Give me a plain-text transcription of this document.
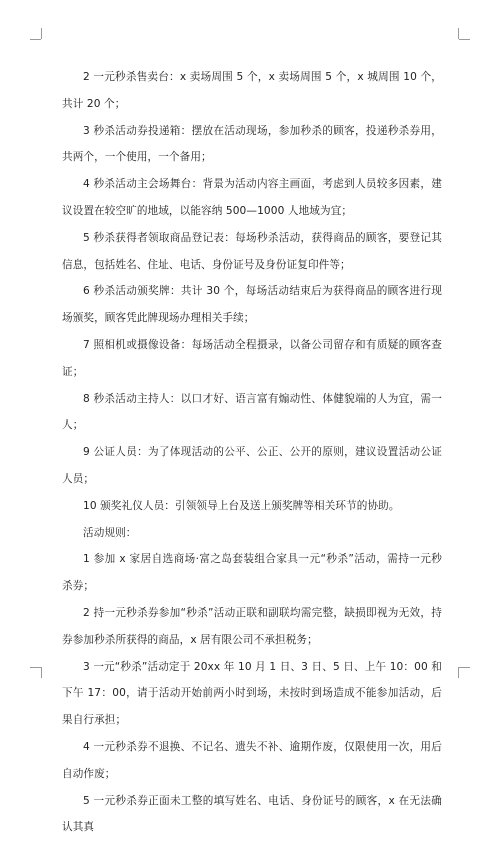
2 一元秒杀售卖台：x 卖场周围 5 个，x 卖场周围 5 个，x 城周围 10 个，共计 20 个；

3 秒杀活动券投递箱：摆放在活动现场，参加秒杀的顾客，投递秒杀券用，共两个，一个使用，一个备用；

4 秒杀活动主会场舞台：背景为活动内容主画面，考虑到人员较多因素，建议设置在较空旷的地域，以能容纳 500—1000 人地域为宜；

5 秒杀获得者领取商品登记表：每场秒杀活动，获得商品的顾客，要登记其信息，包括姓名、住址、电话、身份证号及身份证复印件等；

6 秒杀活动颁奖牌：共计 30 个，每场活动结束后为获得商品的顾客进行现场颁奖，顾客凭此牌现场办理相关手续；

7 照相机或摄像设备：每场活动全程摄录，以备公司留存和有质疑的顾客查证；

8 秒杀活动主持人：以口才好、语言富有煽动性、体健貌端的人为宜，需一人；

9 公证人员：为了体现活动的公平、公正、公开的原则，建议设置活动公证人员；

10 颁奖礼仪人员：引领领导上台及送上颁奖牌等相关环节的协助。

活动规则：

1 参加 x 家居自选商场·富之岛套装组合家具一元“秒杀”活动，需持一元秒杀券；

2 持一元秒杀券参加“秒杀”活动正联和副联均需完整，缺损即视为无效，持券参加秒杀所获得的商品，x 居有限公司不承担税务；

3 一元“秒杀”活动定于 20xx 年 10 月 1 日、3 日、5 日、上午 10：00 和下午 17：00，请于活动开始前两小时到场，未按时到场造成不能参加活动，后果自行承担；

4 一元秒杀券不退换、不记名、遗失不补、逾期作废，仅限使用一次，用后自动作废；

5 一元秒杀券正面未工整的填写姓名、电话、身份证号的顾客，x 在无法确认其真
